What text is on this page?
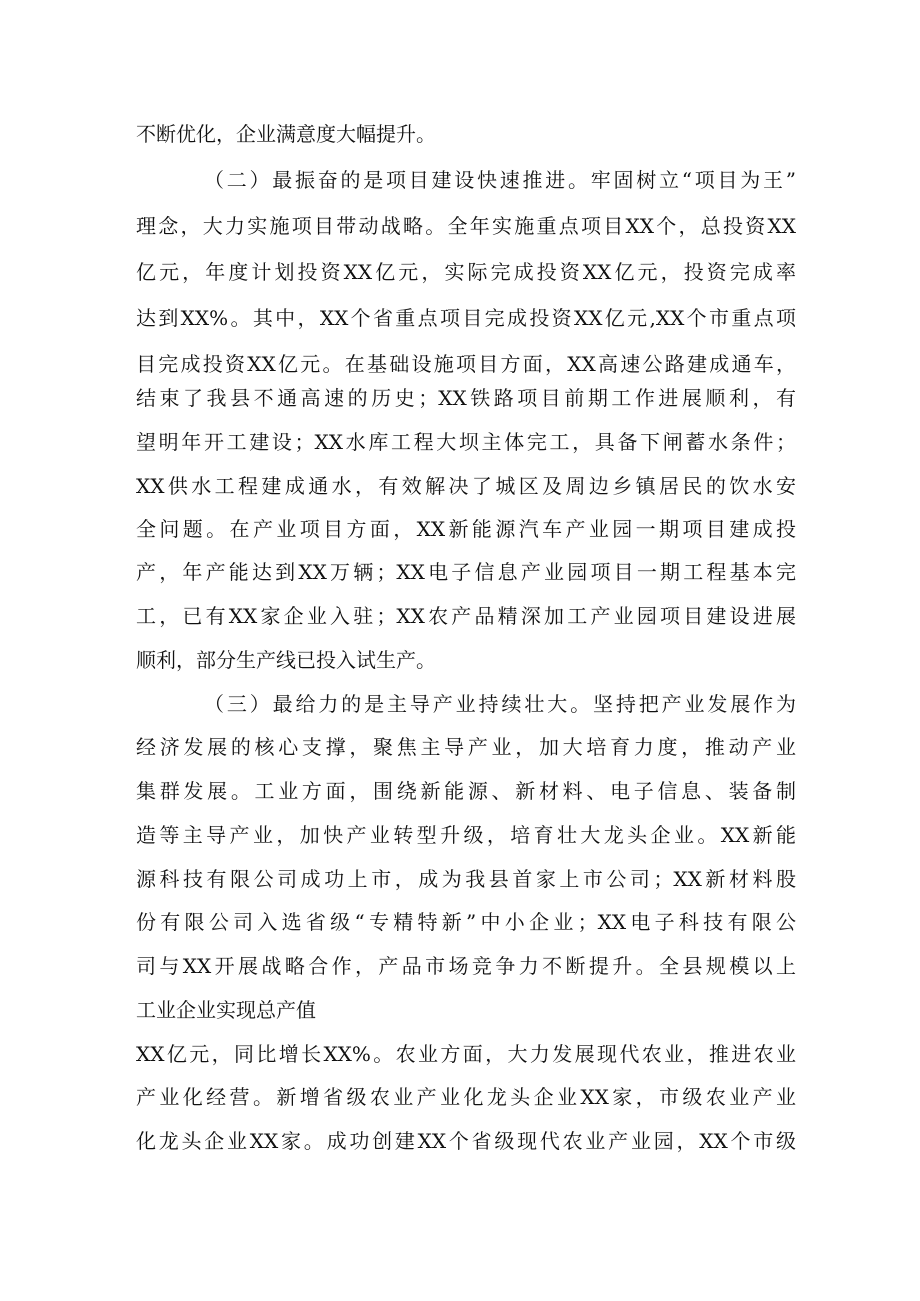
不断优化，企业满意度大幅提升。
（二）最振奋的是项目建设快速推进。牢固树立“项目为王”
理念，大力实施项目带动战略。全年实施重点项目XX个，总投资XX
亿元，年度计划投资XX亿元，实际完成投资XX亿元，投资完成率
达到XX%。其中，XX个省重点项目完成投资XX亿元,XX个市重点项
目完成投资XX亿元。在基础设施项目方面，XX高速公路建成通车，
结束了我县不通高速的历史；XX铁路项目前期工作进展顺利，有
望明年开工建设；XX水库工程大坝主体完工，具备下闸蓄水条件；
XX供水工程建成通水，有效解决了城区及周边乡镇居民的饮水安
全问题。在产业项目方面，XX新能源汽车产业园一期项目建成投
产，年产能达到XX万辆；XX电子信息产业园项目一期工程基本完
工，已有XX家企业入驻；XX农产品精深加工产业园项目建设进展
顺利，部分生产线已投入试生产。
（三）最给力的是主导产业持续壮大。坚持把产业发展作为
经济发展的核心支撑，聚焦主导产业，加大培育力度，推动产业
集群发展。工业方面，围绕新能源、新材料、电子信息、装备制
造等主导产业，加快产业转型升级，培育壮大龙头企业。XX新能
源科技有限公司成功上市，成为我县首家上市公司；XX新材料股
份有限公司入选省级“专精特新”中小企业；XX电子科技有限公
司与XX开展战略合作，产品市场竞争力不断提升。全县规模以上
工业企业实现总产值
XX亿元，同比增长XX%。农业方面，大力发展现代农业，推进农业
产业化经营。新增省级农业产业化龙头企业XX家，市级农业产业
化龙头企业XX家。成功创建XX个省级现代农业产业园，XX个市级
